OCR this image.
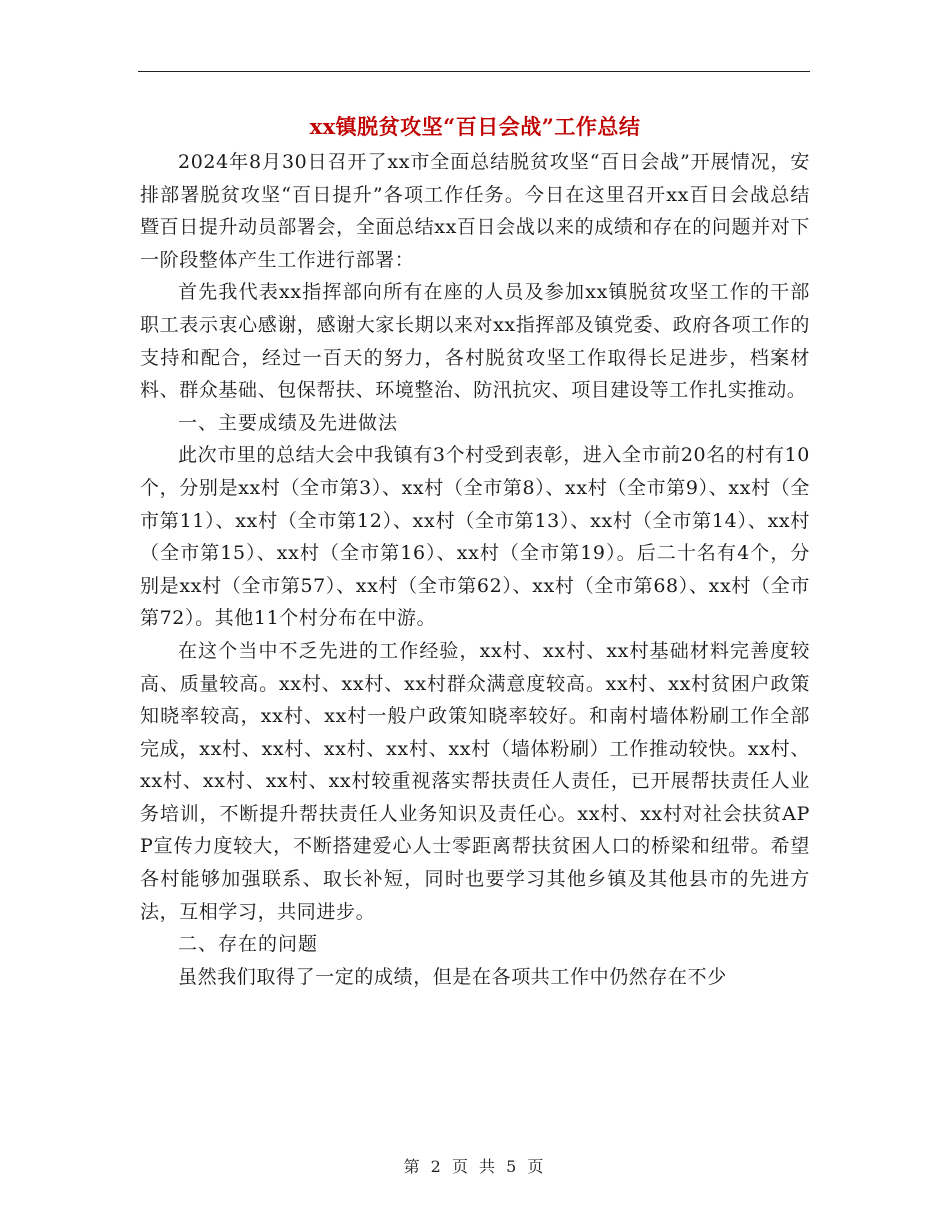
xx镇脱贫攻坚“百日会战”工作总结

2024年8月30日召开了xx市全面总结脱贫攻坚“百日会战”开展情况，安排部署脱贫攻坚“百日提升”各项工作任务。今日在这里召开xx百日会战总结暨百日提升动员部署会，全面总结xx百日会战以来的成绩和存在的问题并对下一阶段整体产生工作进行部署：

首先我代表xx指挥部向所有在座的人员及参加xx镇脱贫攻坚工作的干部职工表示衷心感谢，感谢大家长期以来对xx指挥部及镇党委、政府各项工作的支持和配合，经过一百天的努力，各村脱贫攻坚工作取得长足进步，档案材料、群众基础、包保帮扶、环境整治、防汛抗灾、项目建设等工作扎实推动。

一、主要成绩及先进做法

此次市里的总结大会中我镇有3个村受到表彰，进入全市前20名的村有10个，分别是xx村（全市第3）、xx村（全市第8）、xx村（全市第9）、xx村（全市第11）、xx村（全市第12）、xx村（全市第13）、xx村（全市第14）、xx村（全市第15）、xx村（全市第16）、xx村（全市第19）。后二十名有4个，分别是xx村（全市第57）、xx村（全市第62）、xx村（全市第68）、xx村（全市第72）。其他11个村分布在中游。

在这个当中不乏先进的工作经验，xx村、xx村、xx村基础材料完善度较高、质量较高。xx村、xx村、xx村群众满意度较高。xx村、xx村贫困户政策知晓率较高，xx村、xx村一般户政策知晓率较好。和南村墙体粉刷工作全部完成，xx村、xx村、xx村、xx村、xx村（墙体粉刷）工作推动较快。xx村、xx村、xx村、xx村、xx村较重视落实帮扶责任人责任，已开展帮扶责任人业务培训，不断提升帮扶责任人业务知识及责任心。xx村、xx村对社会扶贫APP宣传力度较大，不断搭建爱心人士零距离帮扶贫困人口的桥梁和纽带。希望各村能够加强联系、取长补短，同时也要学习其他乡镇及其他县市的先进方法，互相学习，共同进步。

二、存在的问题

虽然我们取得了一定的成绩，但是在各项共工作中仍然存在不少

第 2 页 共 5 页
